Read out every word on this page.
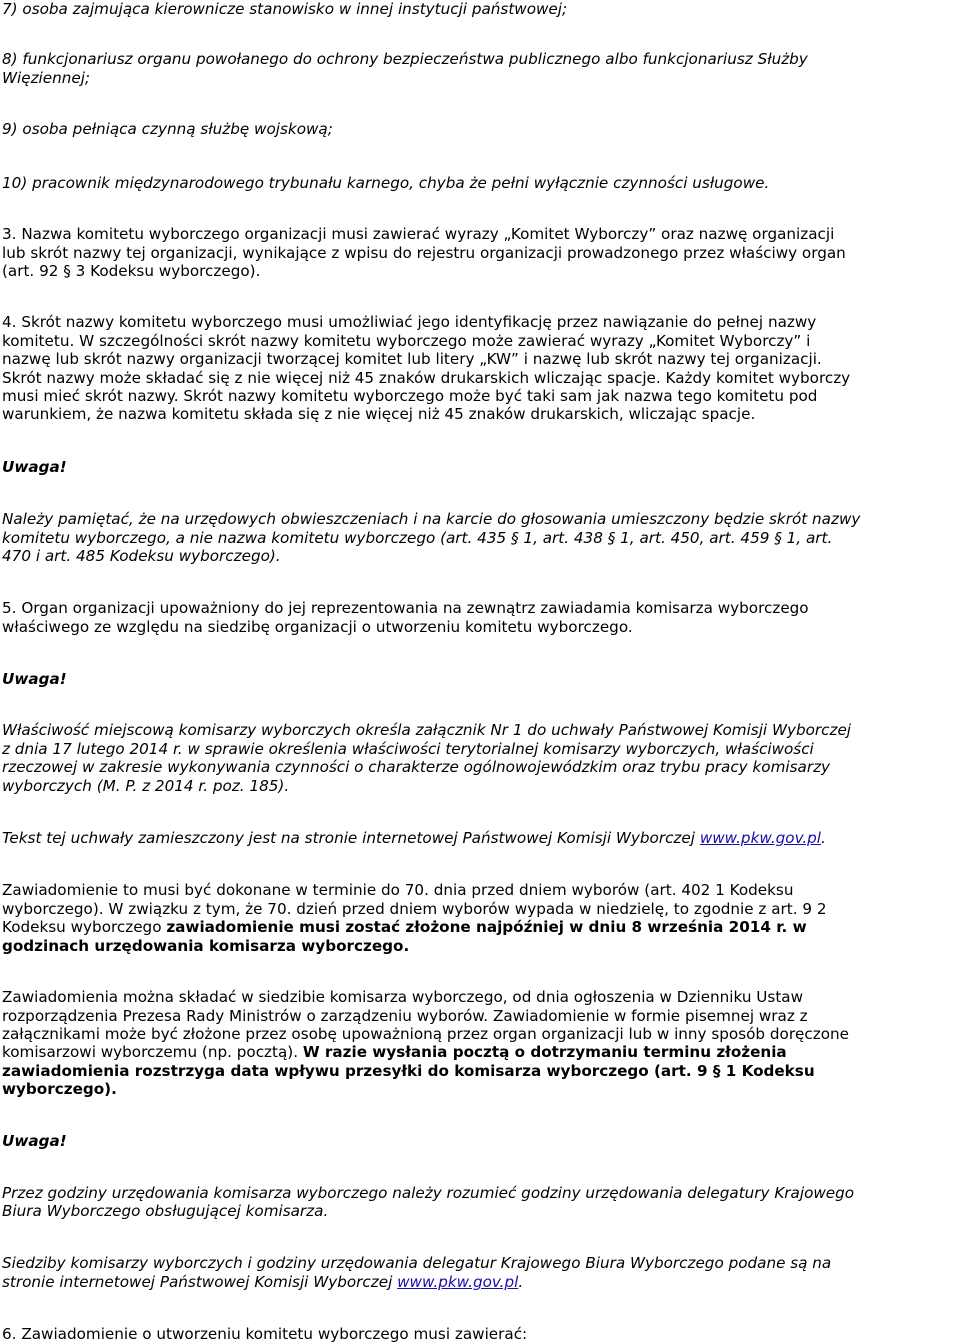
7) osoba zajmująca kierownicze stanowisko w innej instytucji państwowej;

8) funkcjonariusz organu powołanego do ochrony bezpieczeństwa publicznego albo funkcjonariusz Służby

Więziennej;

9) osoba pełniąca czynną służbę wojskową;

10) pracownik międzynarodowego trybunału karnego, chyba że pełni wyłącznie czynności usługowe.

3. Nazwa komitetu wyborczego organizacji musi zawierać wyrazy „Komitet Wyborczy” oraz nazwę organizacji

lub skrót nazwy tej organizacji, wynikające z wpisu do rejestru organizacji prowadzonego przez właściwy organ

(art. 92 § 3 Kodeksu wyborczego).

4. Skrót nazwy komitetu wyborczego musi umożliwiać jego identyfikację przez nawiązanie do pełnej nazwy

komitetu. W szczególności skrót nazwy komitetu wyborczego może zawierać wyrazy „Komitet Wyborczy” i

nazwę lub skrót nazwy organizacji tworzącej komitet lub litery „KW” i nazwę lub skrót nazwy tej organizacji.

Skrót nazwy może składać się z nie więcej niż 45 znaków drukarskich wliczając spacje. Każdy komitet wyborczy

musi mieć skrót nazwy. Skrót nazwy komitetu wyborczego może być taki sam jak nazwa tego komitetu pod

warunkiem, że nazwa komitetu składa się z nie więcej niż 45 znaków drukarskich, wliczając spacje.

Uwaga!

Należy pamiętać, że na urzędowych obwieszczeniach i na karcie do głosowania umieszczony będzie skrót nazwy

komitetu wyborczego, a nie nazwa komitetu wyborczego (art. 435 § 1, art. 438 § 1, art. 450, art. 459 § 1, art.

470 i art. 485 Kodeksu wyborczego).

5. Organ organizacji upoważniony do jej reprezentowania na zewnątrz zawiadamia komisarza wyborczego

właściwego ze względu na siedzibę organizacji o utworzeniu komitetu wyborczego.

Uwaga!

Właściwość miejscową komisarzy wyborczych określa załącznik Nr 1 do uchwały Państwowej Komisji Wyborczej

z dnia 17 lutego 2014 r. w sprawie określenia właściwości terytorialnej komisarzy wyborczych, właściwości

rzeczowej w zakresie wykonywania czynności o charakterze ogólnowojewódzkim oraz trybu pracy komisarzy

wyborczych (M. P. z 2014 r. poz. 185).

Tekst tej uchwały zamieszczony jest na stronie internetowej Państwowej Komisji Wyborczej www.pkw.gov.pl.

Zawiadomienie to musi być dokonane w terminie do 70. dnia przed dniem wyborów (art. 402 1 Kodeksu

wyborczego). W związku z tym, że 70. dzień przed dniem wyborów wypada w niedzielę, to zgodnie z art. 9 2

Kodeksu wyborczego zawiadomienie musi zostać złożone najpóźniej w dniu 8 września 2014 r. w

godzinach urzędowania komisarza wyborczego.

Zawiadomienia można składać w siedzibie komisarza wyborczego, od dnia ogłoszenia w Dzienniku Ustaw

rozporządzenia Prezesa Rady Ministrów o zarządzeniu wyborów. Zawiadomienie w formie pisemnej wraz z

załącznikami może być złożone przez osobę upoważnioną przez organ organizacji lub w inny sposób doręczone

komisarzowi wyborczemu (np. pocztą). W razie wysłania pocztą o dotrzymaniu terminu złożenia

zawiadomienia rozstrzyga data wpływu przesyłki do komisarza wyborczego (art. 9 § 1 Kodeksu

wyborczego).

Uwaga!

Przez godziny urzędowania komisarza wyborczego należy rozumieć godziny urzędowania delegatury Krajowego

Biura Wyborczego obsługującej komisarza.

Siedziby komisarzy wyborczych i godziny urzędowania delegatur Krajowego Biura Wyborczego podane są na

stronie internetowej Państwowej Komisji Wyborczej www.pkw.gov.pl.

6. Zawiadomienie o utworzeniu komitetu wyborczego musi zawierać:
